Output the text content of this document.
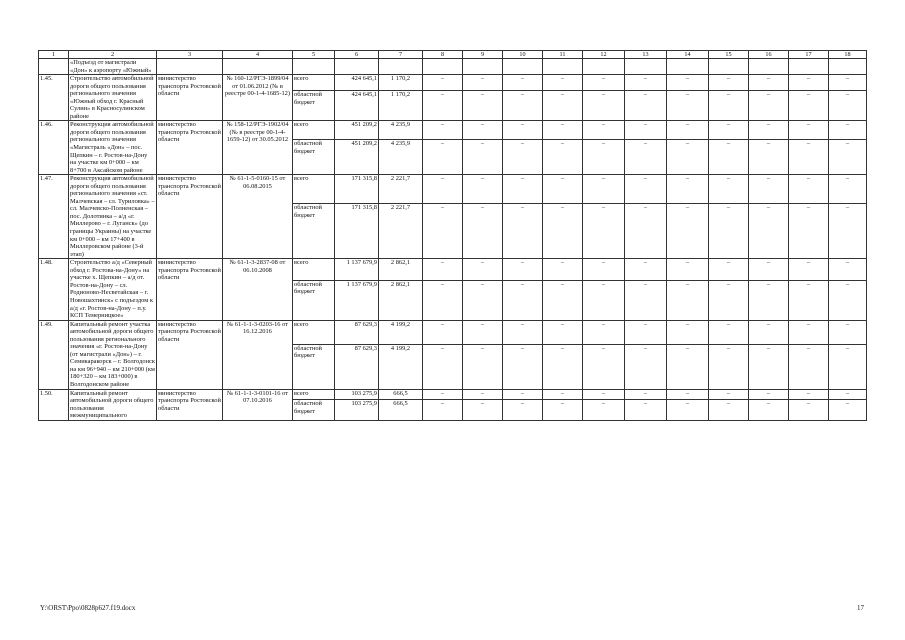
1	2	3	4	5	6	7	8	9	10	11	12	13	14	15	16	17	18
	«Подъезд от магистрали «Дон» к аэропорту «Южный»																
1.45.	Строительство автомобильной дороги общего пользования регионального значения «Южный обход г. Красный Сулин» в Красносулинском районе	министерство транспорта Ростовской области	№ 160-12/РГЭ-1899/04 от 01.06.2012 (№ в реестре 00-1-4-1685-12)	всего	424 645,1	1 170,2	–	–	–	–	–	–	–	–	–	–	–
				областной бюджет	424 645,1	1 170,2	–	–	–	–	–	–	–	–	–	–	–
1.46.	Реконструкция автомобильной дороги общего пользования регионального значения «Магистраль «Дон» – пос. Щепкин – г. Ростов-на-Дону на участке км 0+000 – км 8+700 в Аксайском районе	министерство транспорта Ростовской области	№ 158-12/РГЭ-1902/04 (№ в реестре 00-1-4-1659-12) от 30.05.2012	всего	451 209,2	4 235,9	–	–	–	–	–	–	–	–	–	–	–
				областной бюджет	451 209,2	4 235,9	–	–	–	–	–	–	–	–	–	–	–
1.47.	Реконструкция автомобильной дороги общего пользования регионального значения «ст. Малчевская – сл. Туриловка» – сл. Малчевско-Полненская – пос. Долотинка – а/д «г. Миллерово – г. Луганск» (до границы Украины) на участке км 0+000 – км 17+400 в Миллеровском районе (3-й этап)	министерство транспорта Ростовской области	№ 61-1-5-0160-15 от 06.08.2015	всего	171 315,8	2 221,7	–	–	–	–	–	–	–	–	–	–	–
				областной бюджет	171 315,8	2 221,7	–	–	–	–	–	–	–	–	–	–	–
1.48.	Строительство а/д «Северный обход г. Ростова-на-Дону» на участке х. Щепкин – а/д от. Ростов-на-Дону – сл. Родионово-Несветайская – г. Новошахтинск» с подъездом к а/д «г. Ростов-на-Дону – п.у. КСП Темерницкое»	министерство транспорта Ростовской области	№ 61-1-3-2837-08 от 06.10.2008	всего	1 137 679,9	2 862,1	–	–	–	–	–	–	–	–	–	–	–
				областной бюджет	1 137 679,9	2 862,1	–	–	–	–	–	–	–	–	–	–	–
1.49.	Капитальный ремонт участка автомобильной дороги общего пользования регионального значения «г. Ростов-на-Дону (от магистрали «Дон») – г. Семикаракорск – г. Волгодонск на км 96+940 – км 210+000 (км 180+320 – км 183+000) в Волгодонском районе	министерство транспорта Ростовской области	№ 61-1-1-3-0203-16 от 16.12.2016	всего	87 629,3	4 199,2	–	–	–	–	–	–	–	–	–	–	–
				областной бюджет	87 629,3	4 199,2	–	–	–	–	–	–	–	–	–	–	–
1.50.	Капитальный ремонт автомобильной дороги общего пользования межмуниципального	министерство транспорта Ростовской области	№ 61-1-1-3-0101-16 от 07.10.2016	всего	103 275,9	666,5	–	–	–	–	–	–	–	–	–	–	–
				областной бюджет	103 275,9	666,5	–	–	–	–	–	–	–	–	–	–	–
Y:\ORST\Ppo\0828p627.f19.docx	17
